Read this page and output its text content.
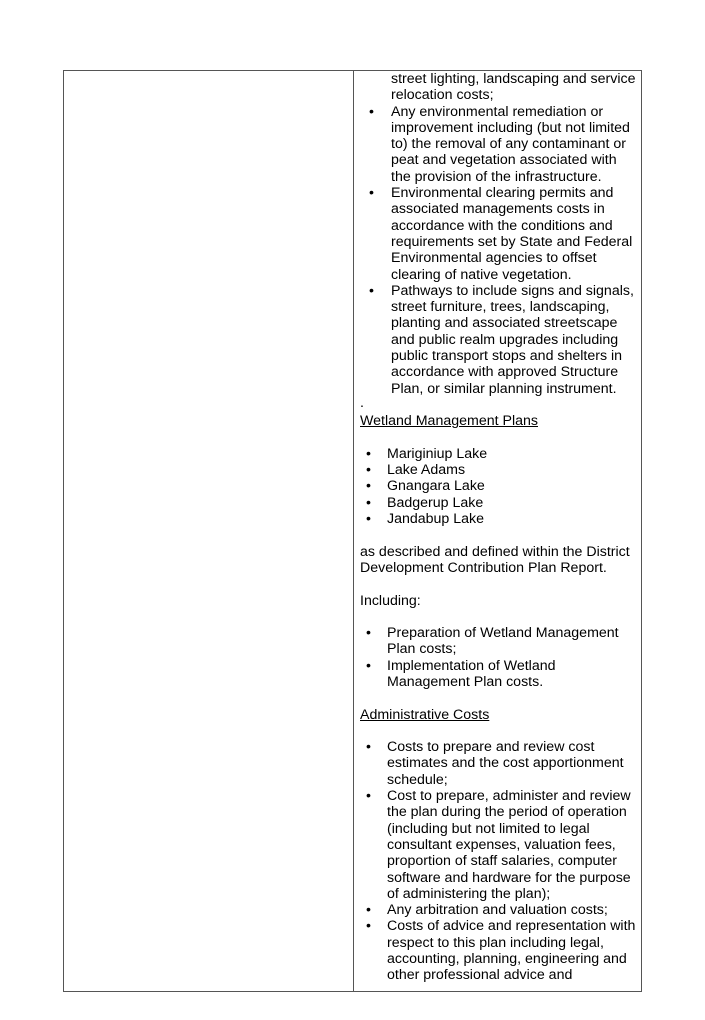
street lighting, landscaping and service relocation costs;

• Any environmental remediation or improvement including (but not limited to) the removal of any contaminant or peat and vegetation associated with the provision of the infrastructure.
• Environmental clearing permits and associated managements costs in accordance with the conditions and requirements set by State and Federal Environmental agencies to offset clearing of native vegetation.
• Pathways to include signs and signals, street furniture, trees, landscaping, planting and associated streetscape and public realm upgrades including public transport stops and shelters in accordance with approved Structure Plan, or similar planning instrument.

.

Wetland Management Plans

• Mariginiup Lake
• Lake Adams
• Gnangara Lake
• Badgerup Lake
• Jandabup Lake

as described and defined within the District Development Contribution Plan Report.

Including:

• Preparation of Wetland Management Plan costs;
• Implementation of Wetland Management Plan costs.

Administrative Costs

• Costs to prepare and review cost estimates and the cost apportionment schedule;
• Cost to prepare, administer and review the plan during the period of operation (including but not limited to legal consultant expenses, valuation fees, proportion of staff salaries, computer software and hardware for the purpose of administering the plan);
• Any arbitration and valuation costs;
• Costs of advice and representation with respect to this plan including legal, accounting, planning, engineering and other professional advice and
